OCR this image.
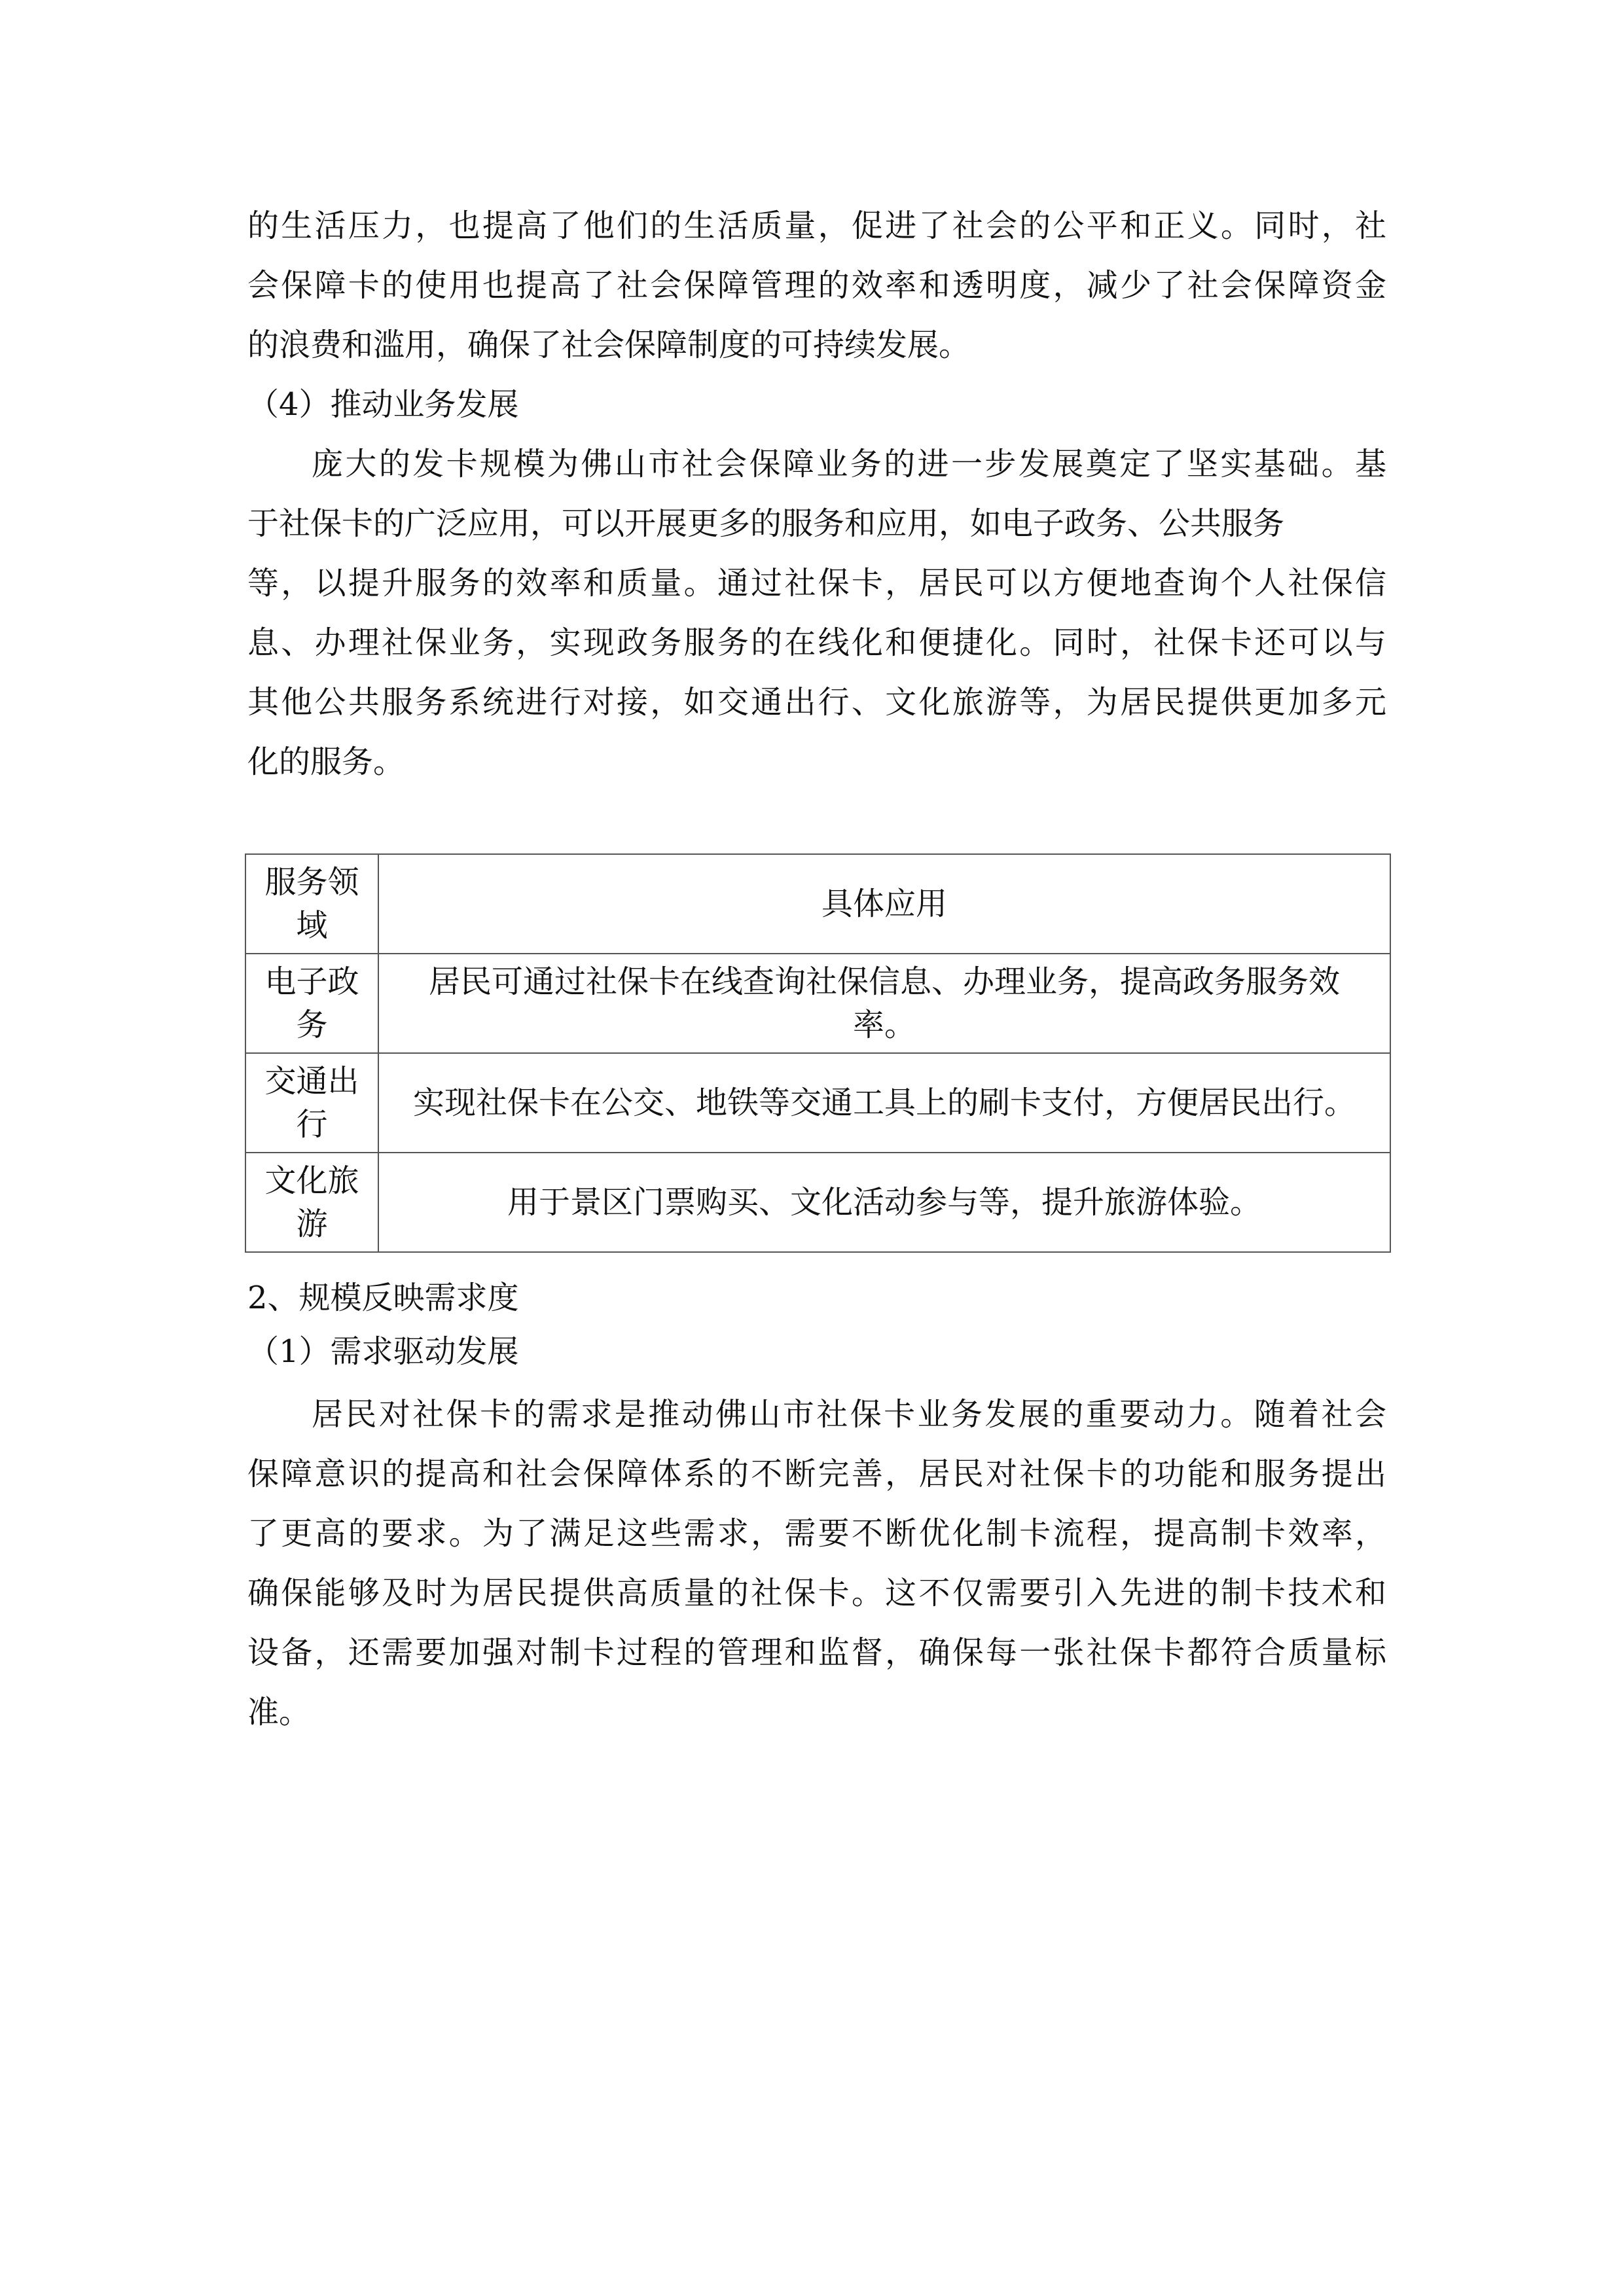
的生活压力，也提高了他们的生活质量，促进了社会的公平和正义。同时，社
会保障卡的使用也提高了社会保障管理的效率和透明度，减少了社会保障资金
的浪费和滥用，确保了社会保障制度的可持续发展。
（4）推动业务发展
庞大的发卡规模为佛山市社会保障业务的进一步发展奠定了坚实基础。基
于社保卡的广泛应用，可以开展更多的服务和应用，如电子政务、公共服务
等，以提升服务的效率和质量。通过社保卡，居民可以方便地查询个人社保信
息、办理社保业务，实现政务服务的在线化和便捷化。同时，社保卡还可以与
其他公共服务系统进行对接，如交通出行、文化旅游等，为居民提供更加多元
化的服务。
服务领
域	具体应用

电子政
务	居民可通过社保卡在线查询社保信息、办理业务，提高政务服务效
率。

交通出
行	实现社保卡在公交、地铁等交通工具上的刷卡支付，方便居民出行。

文化旅
游	用于景区门票购买、文化活动参与等，提升旅游体验。
2、规模反映需求度
（1）需求驱动发展
居民对社保卡的需求是推动佛山市社保卡业务发展的重要动力。随着社会
保障意识的提高和社会保障体系的不断完善，居民对社保卡的功能和服务提出
了更高的要求。为了满足这些需求，需要不断优化制卡流程，提高制卡效率，
确保能够及时为居民提供高质量的社保卡。这不仅需要引入先进的制卡技术和
设备，还需要加强对制卡过程的管理和监督，确保每一张社保卡都符合质量标
准。
